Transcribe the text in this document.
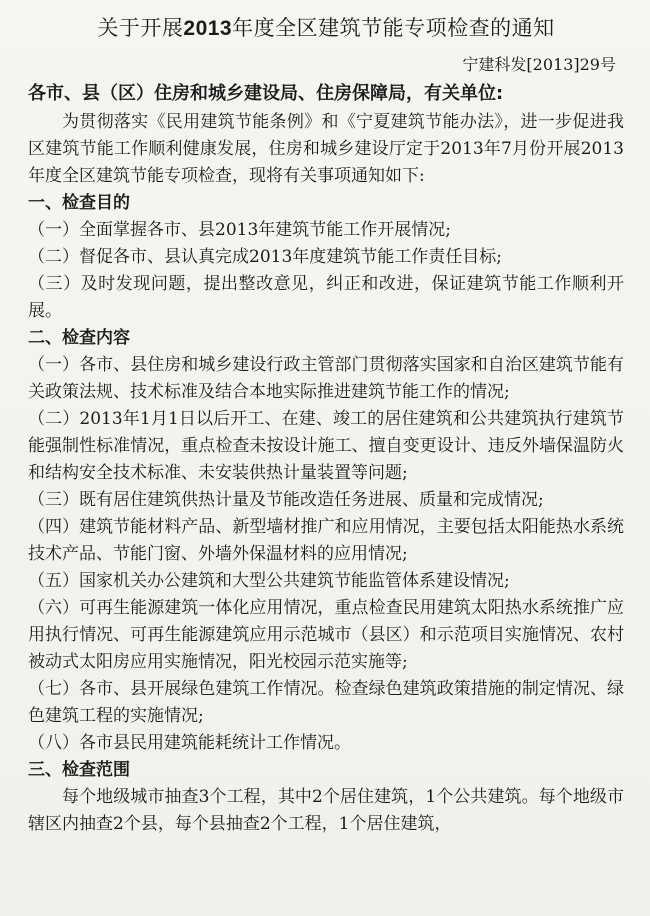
关于开展2013年度全区建筑节能专项检查的通知
宁建科发[2013]29号
各市、县（区）住房和城乡建设局、住房保障局，有关单位:

为贯彻落实《民用建筑节能条例》和《宁夏建筑节能办法》，进一步促进我区建筑节能工作顺利健康发展，住房和城乡建设厅定于2013年7月份开展2013年度全区建筑节能专项检查，现将有关事项通知如下:

一、检查目的

（一）全面掌握各市、县2013年建筑节能工作开展情况;

（二）督促各市、县认真完成2013年度建筑节能工作责任目标;

（三）及时发现问题，提出整改意见，纠正和改进，保证建筑节能工作顺利开展。

二、检查内容

（一）各市、县住房和城乡建设行政主管部门贯彻落实国家和自治区建筑节能有关政策法规、技术标准及结合本地实际推进建筑节能工作的情况;

（二）2013年1月1日以后开工、在建、竣工的居住建筑和公共建筑执行建筑节能强制性标准情况，重点检查未按设计施工、擅自变更设计、违反外墙保温防火和结构安全技术标准、未安装供热计量装置等问题;

（三）既有居住建筑供热计量及节能改造任务进展、质量和完成情况;

（四）建筑节能材料产品、新型墙材推广和应用情况，主要包括太阳能热水系统技术产品、节能门窗、外墙外保温材料的应用情况;

（五）国家机关办公建筑和大型公共建筑节能监管体系建设情况;

（六）可再生能源建筑一体化应用情况，重点检查民用建筑太阳热水系统推广应用执行情况、可再生能源建筑应用示范城市（县区）和示范项目实施情况、农村被动式太阳房应用实施情况，阳光校园示范实施等;

（七）各市、县开展绿色建筑工作情况。检查绿色建筑政策措施的制定情况、绿色建筑工程的实施情况;

（八）各市县民用建筑能耗统计工作情况。

三、检查范围

每个地级城市抽查3个工程，其中2个居住建筑，1个公共建筑。每个地级市辖区内抽查2个县，每个县抽查2个工程，1个居住建筑，
